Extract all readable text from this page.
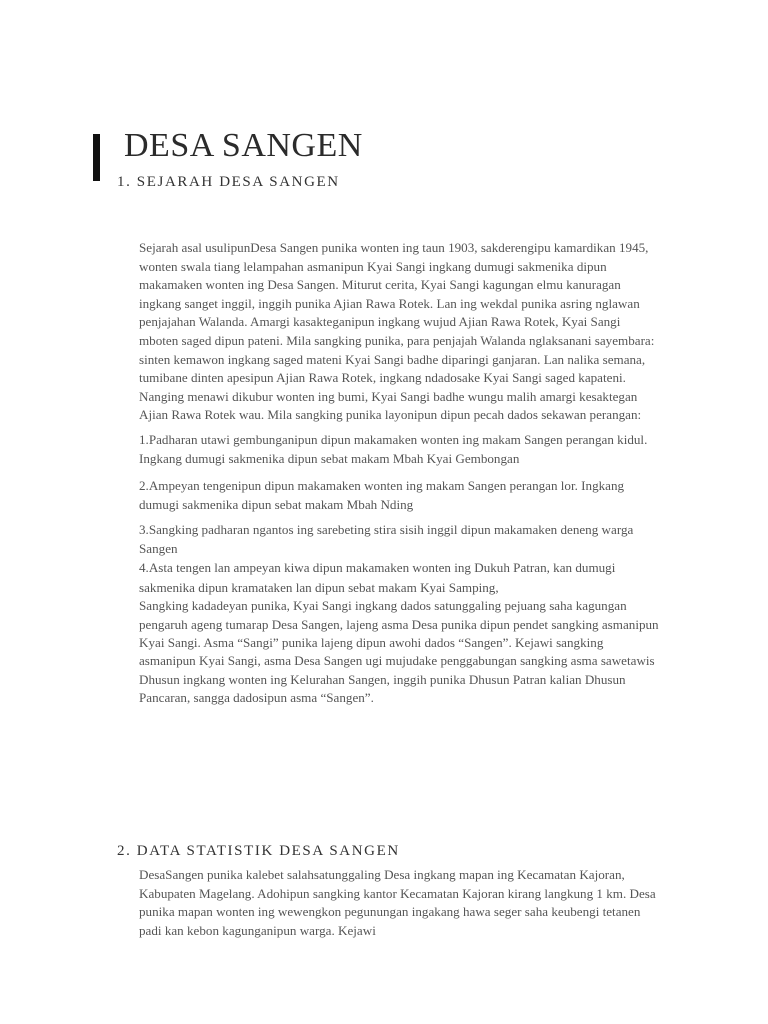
DESA SANGEN
1. SEJARAH DESA SANGEN

Sejarah asal usulipunDesa Sangen punika wonten ing taun 1903, sakderengipu kamardikan 1945, wonten swala tiang lelampahan asmanipun Kyai Sangi ingkang dumugi sakmenika dipun makamaken wonten ing Desa Sangen. Miturut cerita, Kyai Sangi kagungan elmu kanuragan ingkang sanget inggil, inggih punika Ajian Rawa Rotek. Lan ing wekdal punika asring nglawan penjajahan Walanda. Amargi kasakteganipun ingkang wujud Ajian Rawa Rotek, Kyai Sangi mboten saged dipun pateni. Mila sangking punika, para penjajah Walanda nglaksanani sayembara: sinten kemawon ingkang saged mateni Kyai Sangi badhe diparingi ganjaran. Lan nalika semana, tumibane dinten apesipun Ajian Rawa Rotek, ingkang ndadosake Kyai Sangi saged kapateni. Nanging menawi dikubur wonten ing bumi, Kyai Sangi badhe wungu malih amargi kesaktegan Ajian Rawa Rotek wau. Mila sangking punika layonipun dipun pecah dados sekawan perangan:

1.Padharan utawi gembunganipun dipun makamaken wonten ing makam Sangen perangan kidul. Ingkang dumugi sakmenika dipun sebat makam Mbah Kyai Gembongan

2.Ampeyan tengenipun dipun makamaken wonten ing makam Sangen perangan lor. Ingkang dumugi sakmenika dipun sebat makam Mbah Nding

3.Sangking padharan ngantos ing sarebeting stira sisih inggil dipun makamaken deneng warga Sangen

4.Asta tengen lan ampeyan kiwa dipun makamaken wonten ing Dukuh Patran, kan dumugi sakmenika dipun kramataken lan dipun sebat makam Kyai Samping,

Sangking kadadeyan punika, Kyai Sangi ingkang dados satunggaling pejuang saha kagungan pengaruh ageng tumarap Desa Sangen, lajeng asma Desa punika dipun pendet sangking asmanipun Kyai Sangi. Asma “Sangi” punika lajeng dipun awohi dados “Sangen”. Kejawi sangking asmanipun Kyai Sangi, asma Desa Sangen ugi mujudake penggabungan sangking asma sawetawis Dhusun ingkang wonten ing Kelurahan Sangen, inggih punika Dhusun Patran kalian Dhusun Pancaran, sangga dadosipun asma “Sangen”.

2. DATA STATISTIK DESA SANGEN

DesaSangen punika kalebet salahsatunggaling Desa ingkang mapan ing Kecamatan Kajoran, Kabupaten Magelang. Adohipun sangking kantor Kecamatan Kajoran kirang langkung 1 km. Desa punika mapan wonten ing wewengkon pegunungan ingakang hawa seger saha keubengi tetanen padi kan kebon kagunganipun warga. Kejawi
